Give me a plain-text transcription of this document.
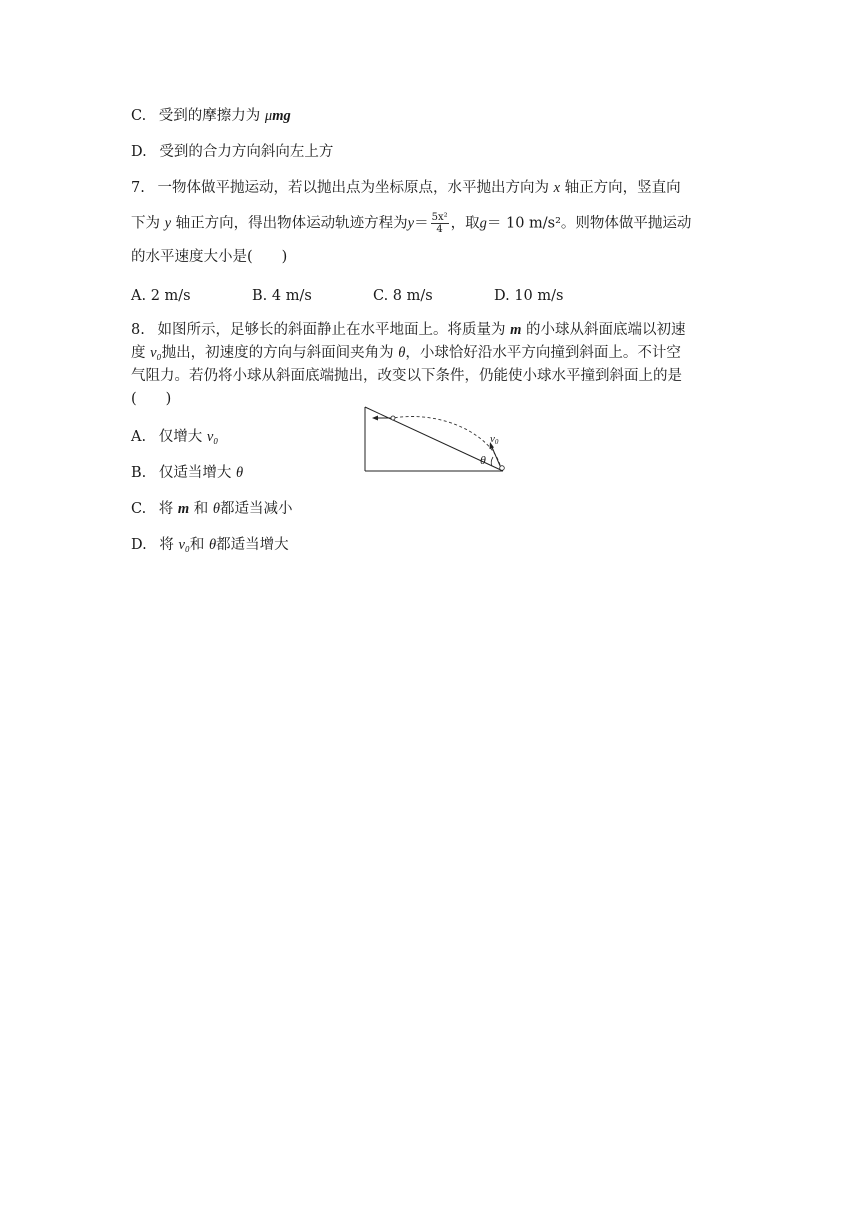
C. 受到的摩擦力为 μmg
D. 受到的合力方向斜向左上方
7. 一物体做平抛运动，若以抛出点为坐标原点，水平抛出方向为 x 轴正方向，竖直向
下为 y 轴正方向，得出物体运动轨迹方程为$y= \frac{\text{5x²}}{4}$ ，取g＝ 10 m/s²。则物体做平抛运动
的水平速度大小是(　　)
A. 2 m/s	B. 4 m/s	C. 8 m/s	D. 10 m/s
8. 如图所示，足够长的斜面静止在水平地面上。将质量为 m 的小球从斜面底端以初速
度 v₀抛出，初速度的方向与斜面间夹角为 θ，小球恰好沿水平方向撞到斜面上。不计空
气阻力。若仍将小球从斜面底端抛出，改变以下条件，仍能使小球水平撞到斜面上的是
(　　)
A. 仅增大 v₀
B. 仅适当增大 θ
C. 将 m 和 θ都适当减小
D. 将 v₀和 θ都适当增大
v0
θ
